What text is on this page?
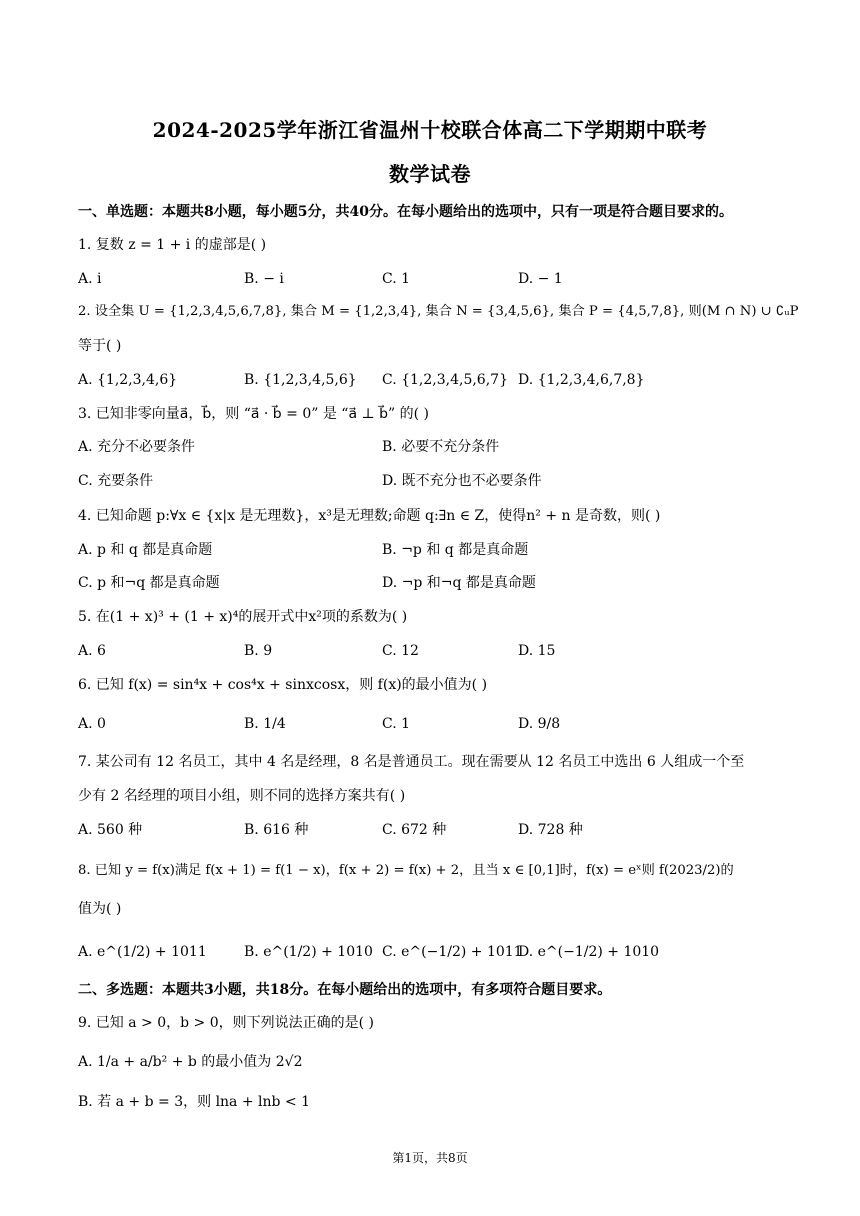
2024-2025学年浙江省温州十校联合体高二下学期期中联考
数学试卷
一、单选题：本题共8小题，每小题5分，共40分。在每小题给出的选项中，只有一项是符合题目要求的。
1. 复数 z = 1 + i 的虚部是( )
A. i	B. − i	C. 1	D. − 1
2. 设全集 U = {1,2,3,4,5,6,7,8}, 集合 M = {1,2,3,4}, 集合 N = {3,4,5,6}, 集合 P = {4,5,7,8}, 则(M ∩ N) ∪ ∁ᵤP
等于( )
A. {1,2,3,4,6}	B. {1,2,3,4,5,6} C. {1,2,3,4,5,6,7} D. {1,2,3,4,6,7,8}
3. 已知非零向量a⃗，b⃗，则 “a⃗ · b⃗ = 0” 是 “a⃗ ⊥ b⃗” 的( )
A. 充分不必要条件	B. 必要不充分条件
C. 充要条件	D. 既不充分也不必要条件
4. 已知命题 p:∀x ∈ {x|x 是无理数}，x³是无理数;命题 q:∃n ∈ Z，使得n² + n 是奇数，则( )
A. p 和 q 都是真命题	B. ¬p 和 q 都是真命题
C. p 和¬q 都是真命题	D. ¬p 和¬q 都是真命题
5. 在(1 + x)³ + (1 + x)⁴的展开式中x²项的系数为( )
A. 6	B. 9	C. 12	D. 15
6. 已知 f(x) = sin⁴x + cos⁴x + sinxcosx，则 f(x)的最小值为( )
A. 0	B. 1/4	C. 1	D. 9/8
7. 某公司有 12 名员工，其中 4 名是经理，8 名是普通员工。现在需要从 12 名员工中选出 6 人组成一个至
少有 2 名经理的项目小组，则不同的选择方案共有( )
A. 560 种	B. 616 种	C. 672 种	D. 728 种
8. 已知 y = f(x)满足 f(x + 1) = f(1 − x)，f(x + 2) = f(x) + 2，且当 x ∈ [0,1]时，f(x) = eˣ则 f(2023/2)的
值为( )
A. e^(1/2) + 1011	B. e^(1/2) + 1010 C. e^(−1/2) + 1011
D. e^(−1/2) + 1010
二、多选题：本题共3小题，共18分。在每小题给出的选项中，有多项符合题目要求。
9. 已知 a > 0，b > 0，则下列说法正确的是( )
A. 1/a + a/b² + b 的最小值为 2√2
B. 若 a + b = 3，则 lna + lnb < 1
第1页，共8页
